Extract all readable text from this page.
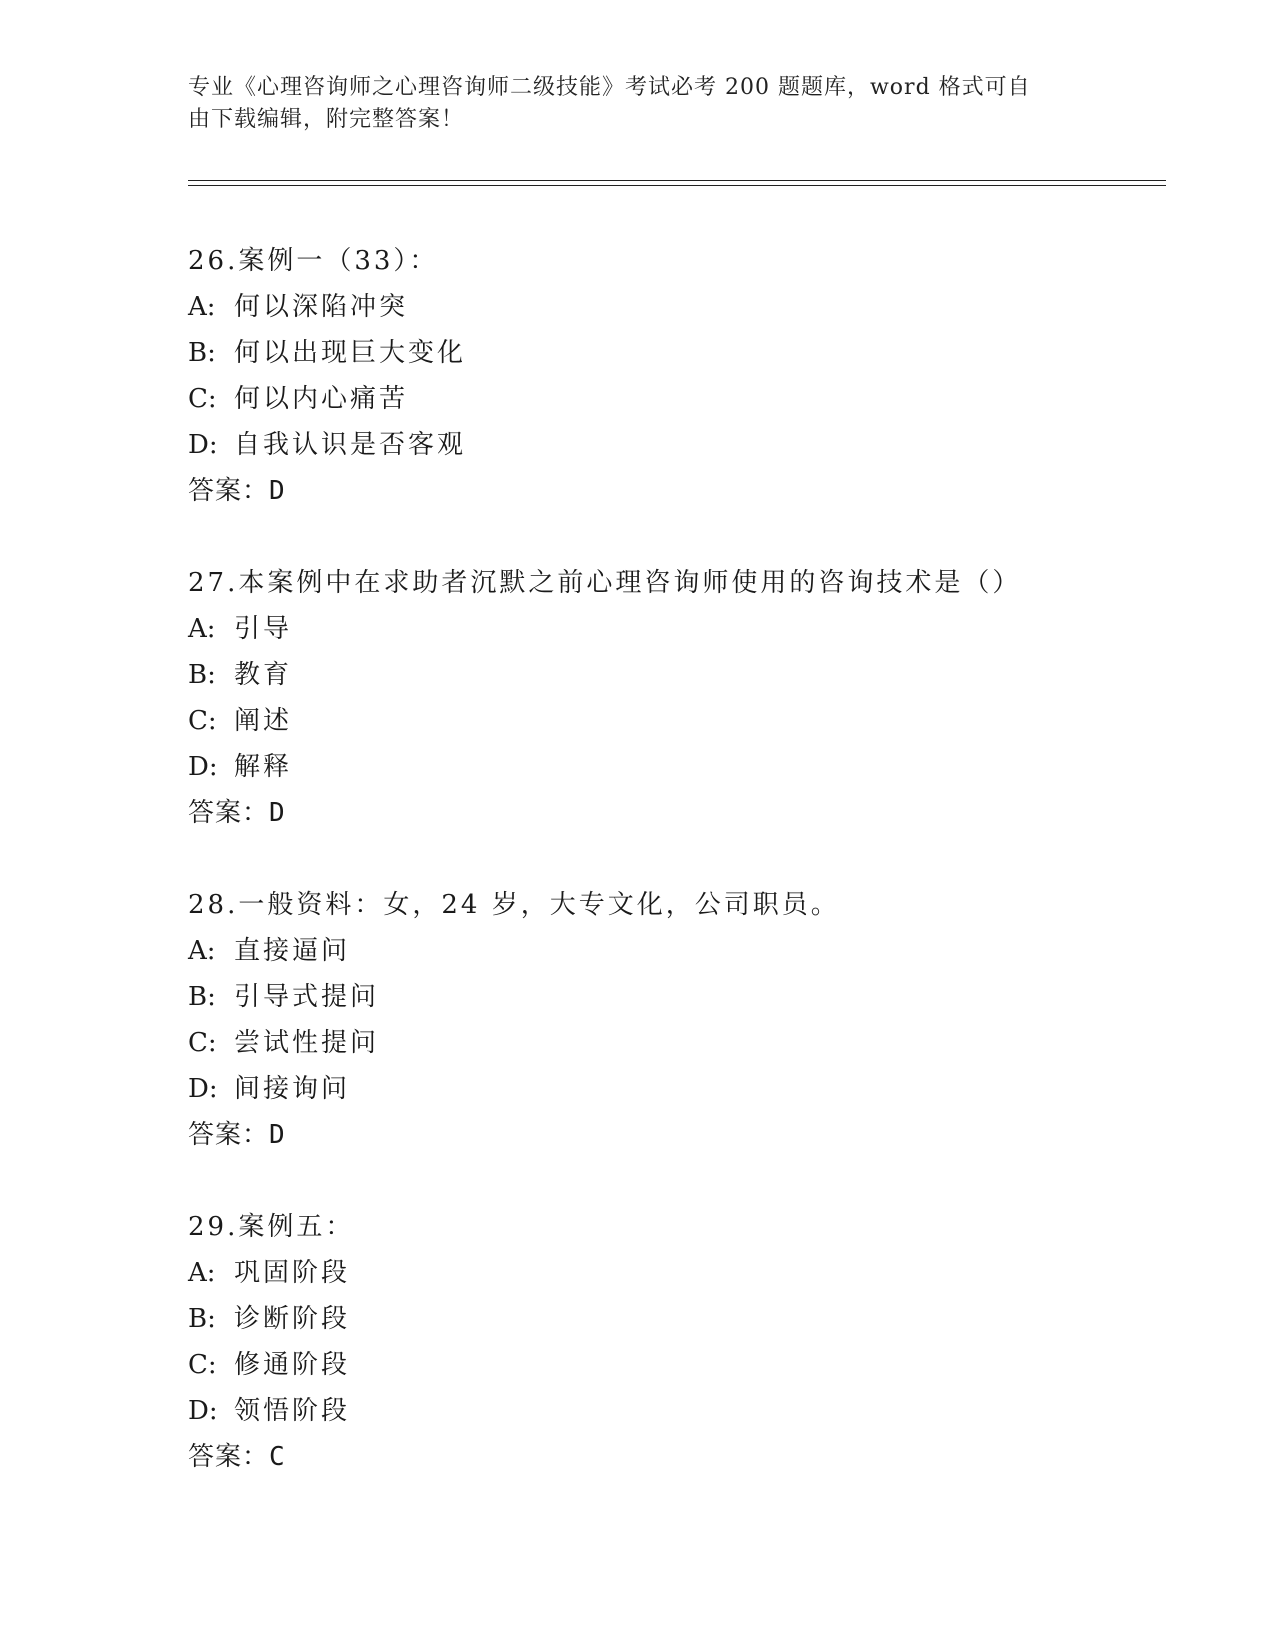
专业《心理咨询师之心理咨询师二级技能》考试必考 200 题题库，word 格式可自
由下载编辑，附完整答案！
26.案例一（33）：
A: 何以深陷冲突
B: 何以出现巨大变化
C: 何以内心痛苦
D: 自我认识是否客观
答案：D
27.本案例中在求助者沉默之前心理咨询师使用的咨询技术是（）
A: 引导
B: 教育
C: 阐述
D: 解释
答案：D
28.一般资料：女，24 岁，大专文化，公司职员。
A: 直接逼问
B: 引导式提问
C: 尝试性提问
D: 间接询问
答案：D
29.案例五：
A: 巩固阶段
B: 诊断阶段
C: 修通阶段
D: 领悟阶段
答案：C
